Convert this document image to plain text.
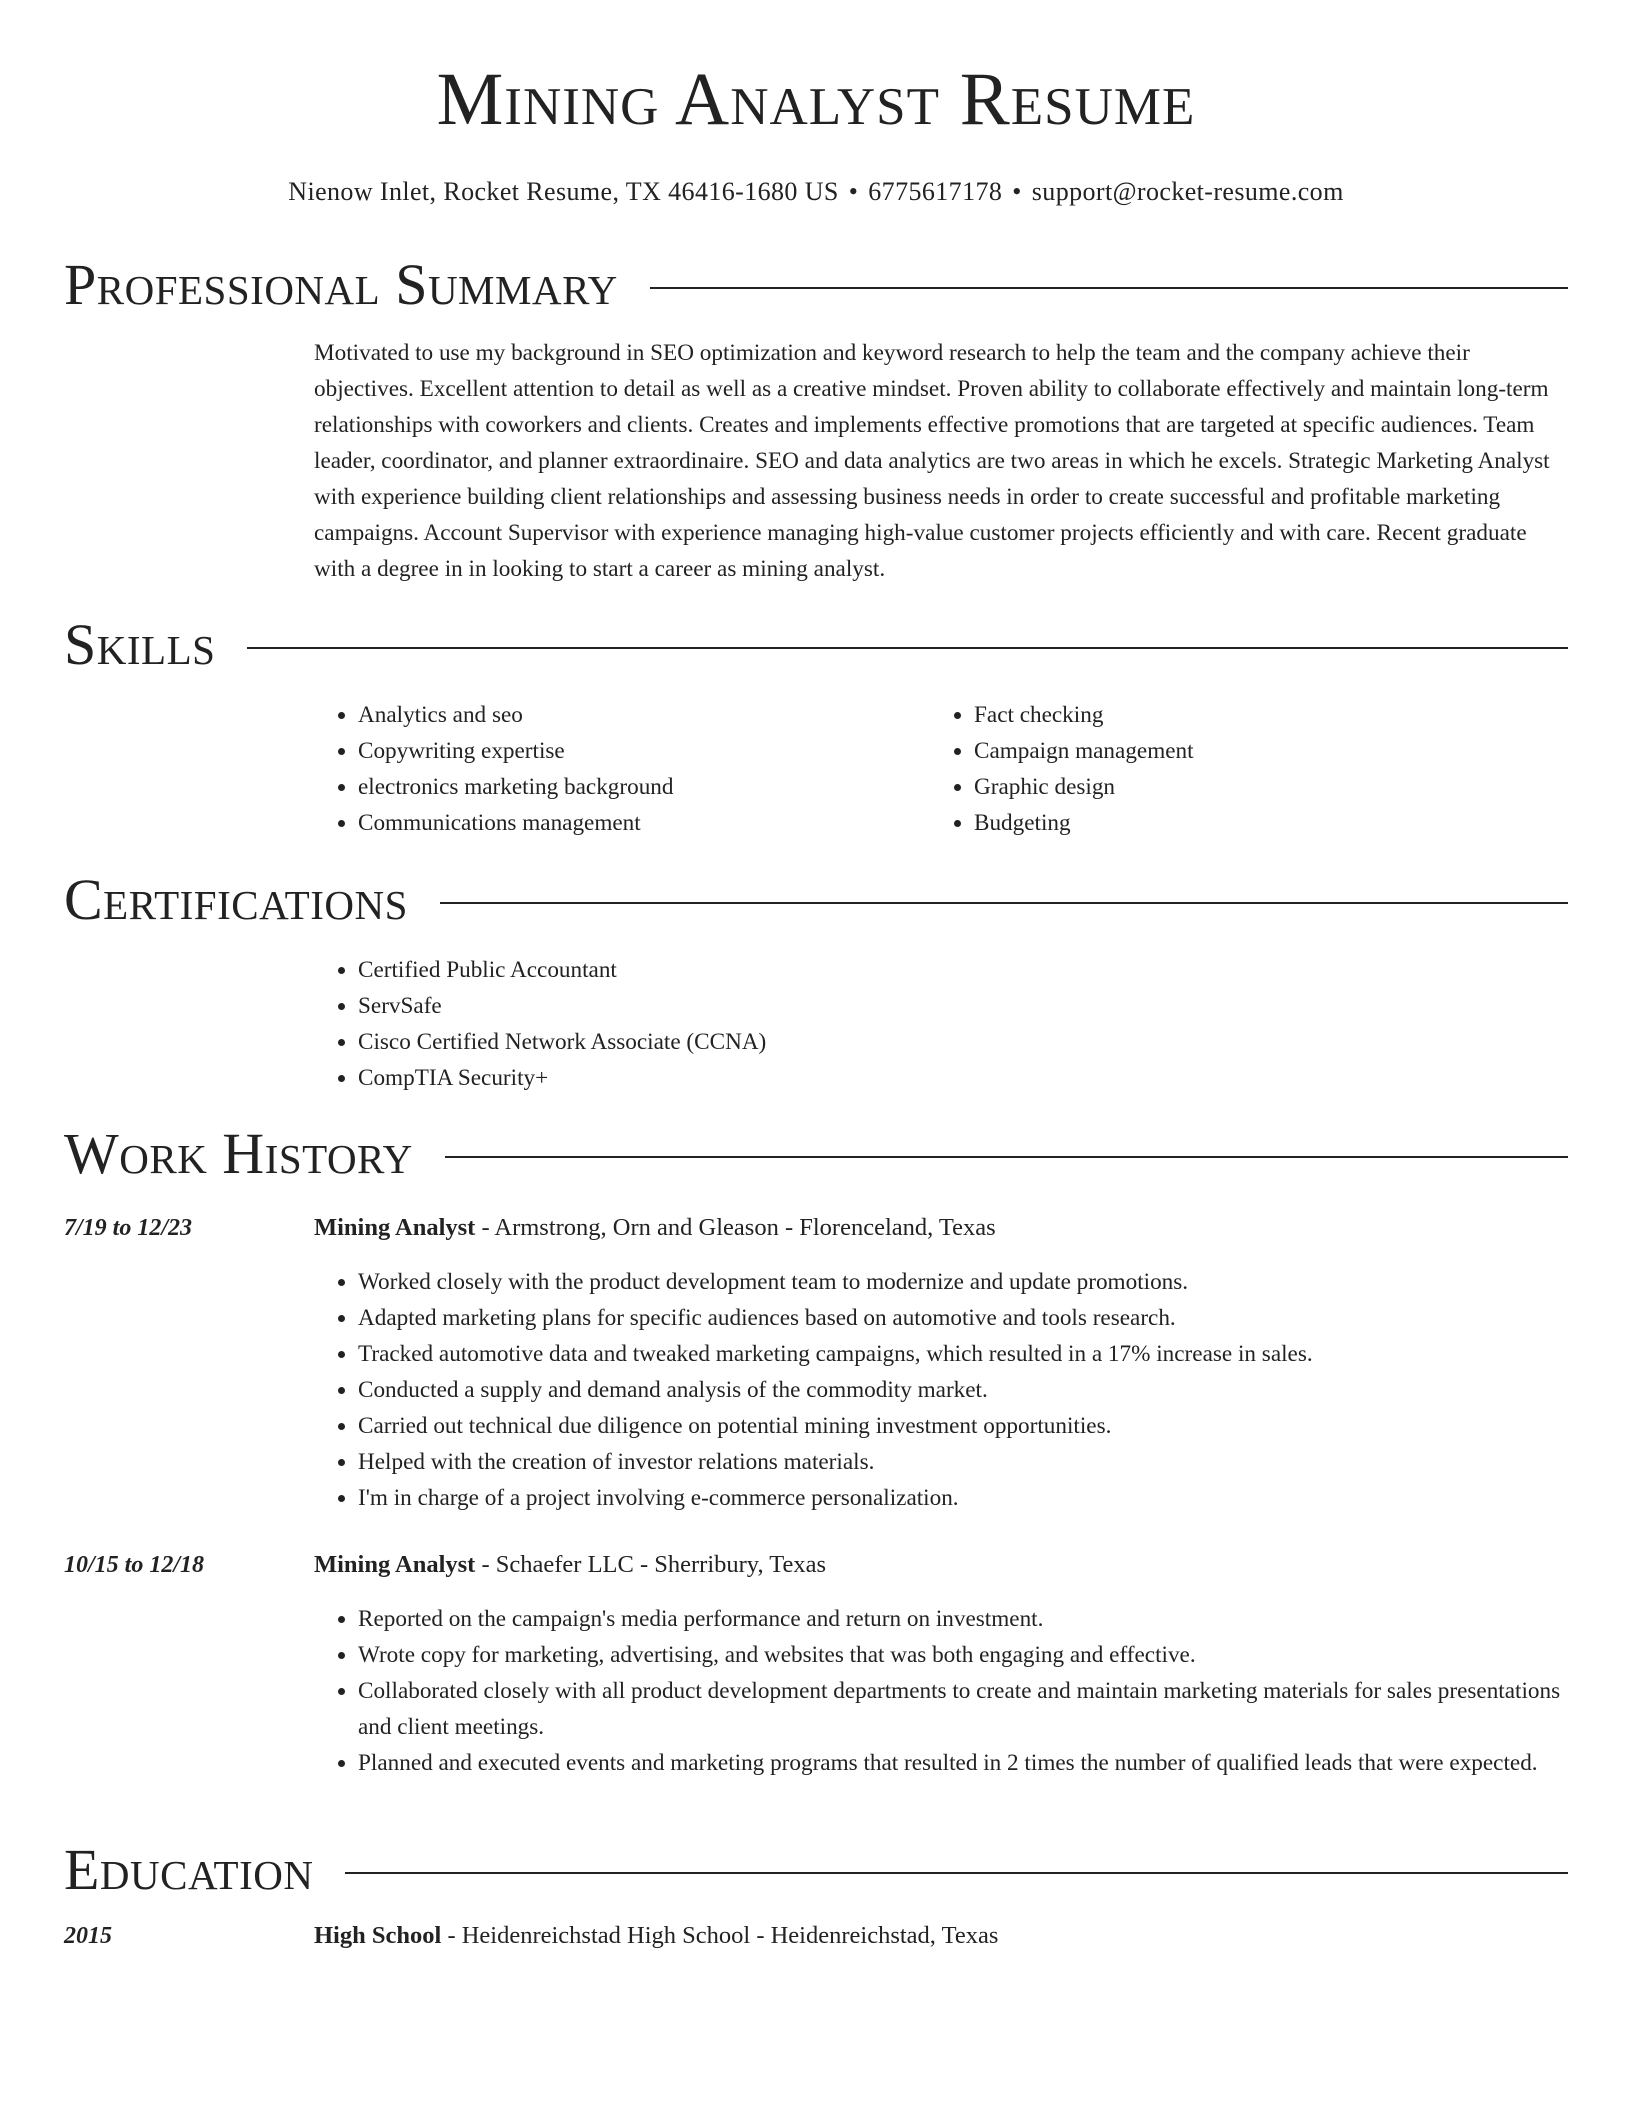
Mining Analyst Resume
Nienow Inlet, Rocket Resume, TX 46416-1680 US • 6775617178 • support@rocket-resume.com
Professional Summary

Motivated to use my background in SEO optimization and keyword research to help the team and the company achieve their objectives. Excellent attention to detail as well as a creative mindset. Proven ability to collaborate effectively and maintain long-term relationships with coworkers and clients. Creates and implements effective promotions that are targeted at specific audiences. Team leader, coordinator, and planner extraordinaire. SEO and data analytics are two areas in which he excels. Strategic Marketing Analyst with experience building client relationships and assessing business needs in order to create successful and profitable marketing campaigns. Account Supervisor with experience managing high-value customer projects efficiently and with care. Recent graduate with a degree in in looking to start a career as mining analyst.

Skills
• Analytics and seo
• Copywriting expertise
• electronics marketing background
• Communications management
• Fact checking
• Campaign management
• Graphic design
• Budgeting
Certifications
• Certified Public Accountant
• ServSafe
• Cisco Certified Network Associate (CCNA)
• CompTIA Security+
Work History
7/19 to 12/23	Mining Analyst - Armstrong, Orn and Gleason - Florenceland, Texas
• Worked closely with the product development team to modernize and update promotions.
• Adapted marketing plans for specific audiences based on automotive and tools research.
• Tracked automotive data and tweaked marketing campaigns, which resulted in a 17% increase in sales.
• Conducted a supply and demand analysis of the commodity market.
• Carried out technical due diligence on potential mining investment opportunities.
• Helped with the creation of investor relations materials.
• I'm in charge of a project involving e-commerce personalization.
10/15 to 12/18	Mining Analyst - Schaefer LLC - Sherribury, Texas
• Reported on the campaign's media performance and return on investment.
• Wrote copy for marketing, advertising, and websites that was both engaging and effective.
• Collaborated closely with all product development departments to create and maintain marketing materials for sales presentations and client meetings.
• Planned and executed events and marketing programs that resulted in 2 times the number of qualified leads that were expected.
Education
2015	High School - Heidenreichstad High School - Heidenreichstad, Texas
